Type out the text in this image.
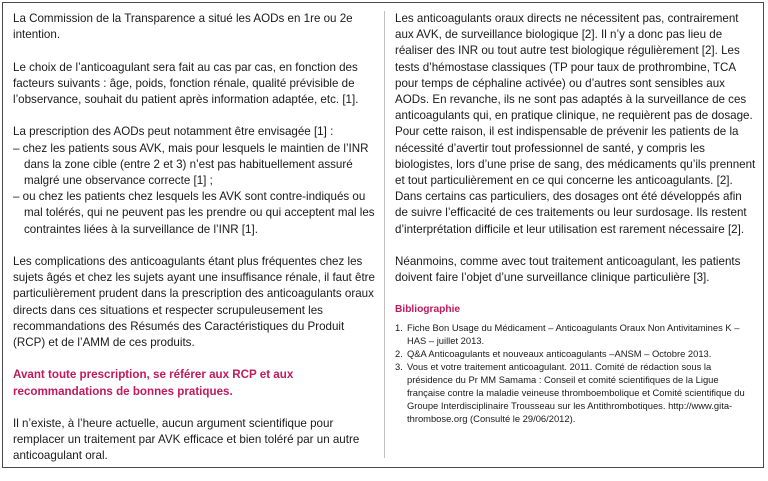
La Commission de la Transparence a situé les AODs en 1re ou 2e intention.

Le choix de l’anticoagulant sera fait au cas par cas, en fonction des facteurs suivants : âge, poids, fonction rénale, qualité prévisible de l’observance, souhait du patient après information adaptée, etc. [1].

La prescription des AODs peut notamment être envisagée [1] :

– chez les patients sous AVK, mais pour lesquels le maintien de l’INR dans la zone cible (entre 2 et 3) n’est pas habituellement assuré malgré une observance correcte [1] ;

– ou chez les patients chez lesquels les AVK sont contre-indiqués ou mal tolérés, qui ne peuvent pas les prendre ou qui acceptent mal les contraintes liées à la surveillance de l’INR [1].

Les complications des anticoagulants étant plus fréquentes chez les sujets âgés et chez les sujets ayant une insuffisance rénale, il faut être particulièrement prudent dans la prescription des anticoagulants oraux directs dans ces situations et respecter scrupuleusement les recommandations des Résumés des Caractéristiques du Produit (RCP) et de l’AMM de ces produits.

Avant toute prescription, se référer aux RCP et aux recommandations de bonnes pratiques.

Il n’existe, à l’heure actuelle, aucun argument scientifique pour remplacer un traitement par AVK efficace et bien toléré par un autre anticoagulant oral.

Les anticoagulants oraux directs ne nécessitent pas, contrairement aux AVK, de surveillance biologique [2]. Il n’y a donc pas lieu de réaliser des INR ou tout autre test biologique régulièrement [2]. Les tests d’hémostase classiques (TP pour taux de prothrombine, TCA pour temps de céphaline activée) ou d’autres sont sensibles aux AODs. En revanche, ils ne sont pas adaptés à la surveillance de ces anticoagulants qui, en pratique clinique, ne requièrent pas de dosage. Pour cette raison, il est indispensable de prévenir les patients de la nécessité d’avertir tout professionnel de santé, y compris les biologistes, lors d’une prise de sang, des médicaments qu’ils prennent et tout particulièrement en ce qui concerne les anticoagulants. [2]. Dans certains cas particuliers, des dosages ont été développés afin de suivre l’efficacité de ces traitements ou leur surdosage. Ils restent d’interprétation difficile et leur utilisation est rarement nécessaire [2].

Néanmoins, comme avec tout traitement anticoagulant, les patients doivent faire l’objet d’une surveillance clinique particulière [3].

Bibliographie
1. Fiche Bon Usage du Médicament – Anticoagulants Oraux Non Antivitamines K – HAS – juillet 2013.
2. Q&A Anticoagulants et nouveaux anticoagulants –ANSM – Octobre 2013.
3. Vous et votre traitement anticoagulant. 2011. Comité de rédaction sous la présidence du Pr MM Samama : Conseil et comité scientifiques de la Ligue française contre la maladie veineuse thromboembolique et Comité scientifique du Groupe Interdisciplinaire Trousseau sur les Antithrombotiques. http://www.gita-thrombose.org (Consulté le 29/06/2012).
